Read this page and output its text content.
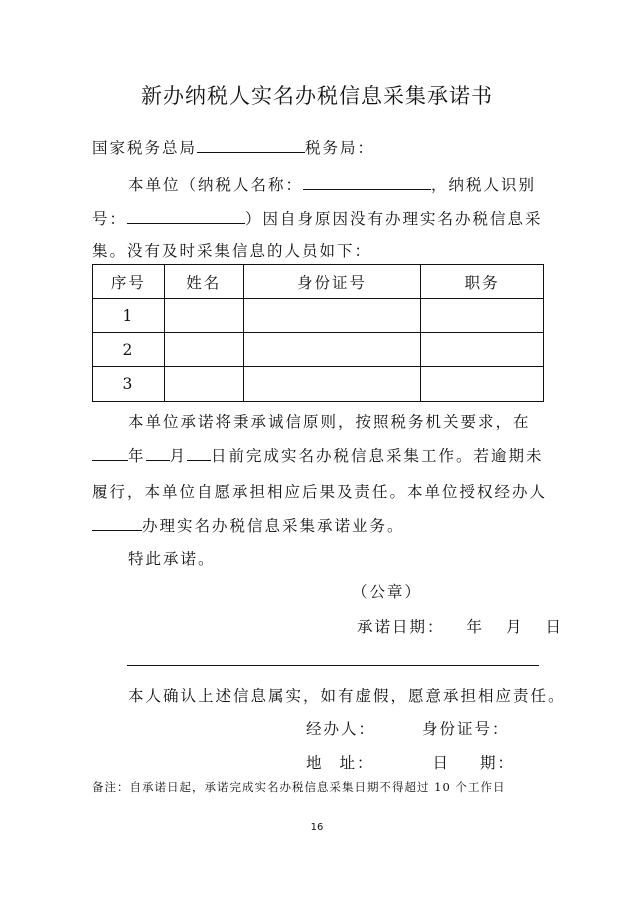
新办纳税人实名办税信息采集承诺书
国家税务总局	税务局：
本单位（纳税人名称：	，纳税人识别
号：	）因自身原因没有办理实名办税信息采
集。没有及时采集信息的人员如下：
序号	姓名	身份证号	职务
1			
2			
3			
本单位承诺将秉承诚信原则，按照税务机关要求，在
年 月 日前完成实名办税信息采集工作。若逾期未
履行，本单位自愿承担相应后果及责任。本单位授权经办人
办理实名办税信息采集承诺业务。
特此承诺。
（公章）
承诺日期： 年 月 日
本人确认上述信息属实，如有虚假，愿意承担相应责任。
经办人：	身份证号：
地 址：	日 期：
备注：自承诺日起，承诺完成实名办税信息采集日期不得超过 10 个工作日
16
